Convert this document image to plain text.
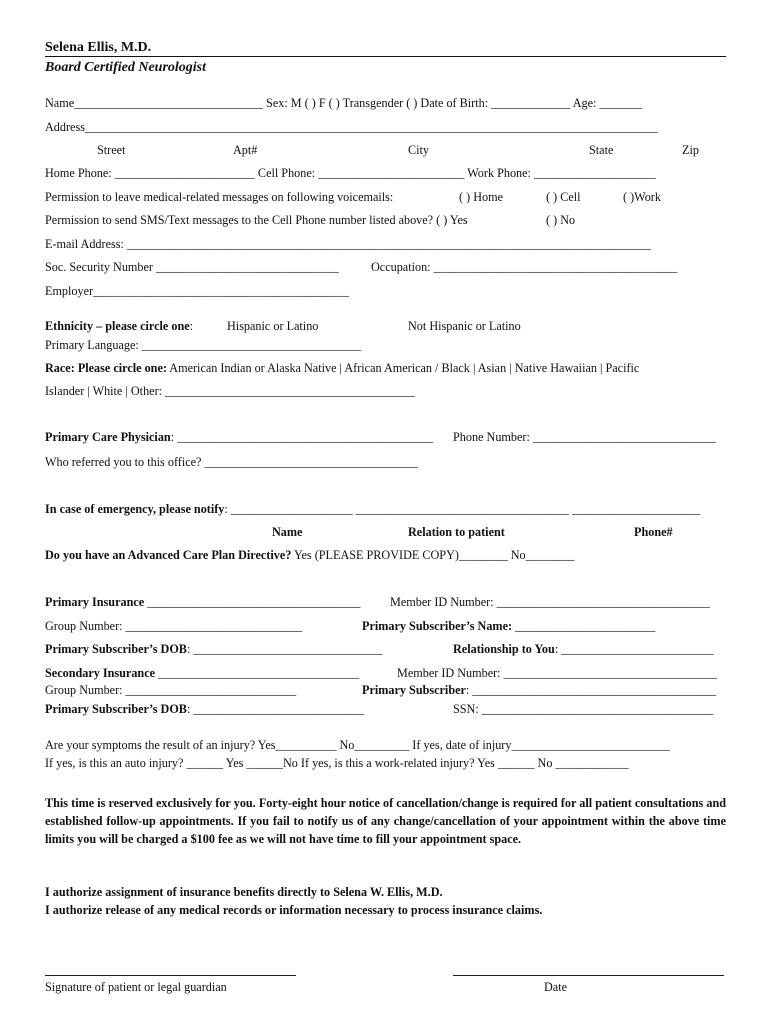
Selena Ellis, M.D.
Board Certified Neurologist
Name_______________________________ Sex: M ( ) F ( ) Transgender ( ) Date of Birth: _____________ Age: _______
Address______________________________________________________________________________________________
Street	Apt#	City	State	Zip
Home Phone: _______________________ Cell Phone: ________________________ Work Phone: ____________________
Permission to leave medical-related messages on following voicemails:	( ) Home	( ) Cell	( )Work
Permission to send SMS/Text messages to the Cell Phone number listed above? ( ) Yes	( ) No
E-mail Address: ______________________________________________________________________________________
Soc. Security Number ______________________________	Occupation: ________________________________________
Employer__________________________________________
Ethnicity – please circle one:	Hispanic or Latino	Not Hispanic or Latino
Primary Language: ____________________________________
Race: Please circle one: American Indian or Alaska Native | African American / Black | Asian | Native Hawaiian | Pacific
Islander | White | Other: _________________________________________
Primary Care Physician: __________________________________________ Phone Number: ______________________________
Who referred you to this office? ___________________________________
In case of emergency, please notify: ____________________ ___________________________________ _____________________
Name	Relation to patient	Phone#
Do you have an Advanced Care Plan Directive? Yes (PLEASE PROVIDE COPY)________ No________
Primary Insurance ___________________________________ Member ID Number: ___________________________________
Group Number: _____________________________	Primary Subscriber’s Name: _______________________
Primary Subscriber’s DOB: _______________________________	Relationship to You: _________________________
Secondary Insurance _________________________________	Member ID Number: ___________________________________
Group Number: ____________________________	Primary Subscriber: ________________________________________
Primary Subscriber’s DOB: ____________________________	SSN: ______________________________________
Are your symptoms the result of an injury? Yes__________ No_________ If yes, date of injury__________________________
If yes, is this an auto injury? ______ Yes ______No If yes, is this a work-related injury? Yes ______ No ____________
This time is reserved exclusively for you. Forty-eight hour notice of cancellation/change is required for all patient consultations and established follow-up appointments. If you fail to notify us of any change/cancellation of your appointment within the above time limits you will be charged a $100 fee as we will not have time to fill your appointment space.
I authorize assignment of insurance benefits directly to Selena W. Ellis, M.D.
I authorize release of any medical records or information necessary to process insurance claims.
Signature of patient or legal guardian	Date
